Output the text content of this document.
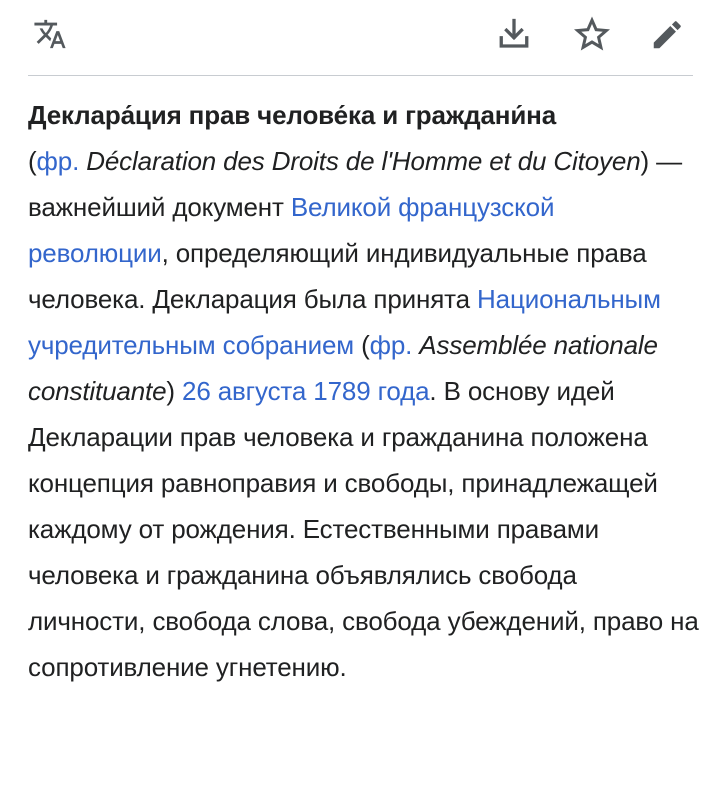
Деклара́ция прав челове́ка и граждани́на
(фр. Déclaration des Droits de l'Homme et du Citoyen) — важнейший документ Великой французской революции, определяющий индивидуальные права человека. Декларация была принята Национальным учредительным собранием (фр. Assemblée nationale constituante) 26 августа 1789 года. В основу идей Декларации прав человека и гражданина положена концепция равноправия и свободы, принадлежащей каждому от рождения. Естественными правами человека и гражданина объявлялись свобода личности, свобода слова, свобода убеждений, право на сопротивление угнетению.
